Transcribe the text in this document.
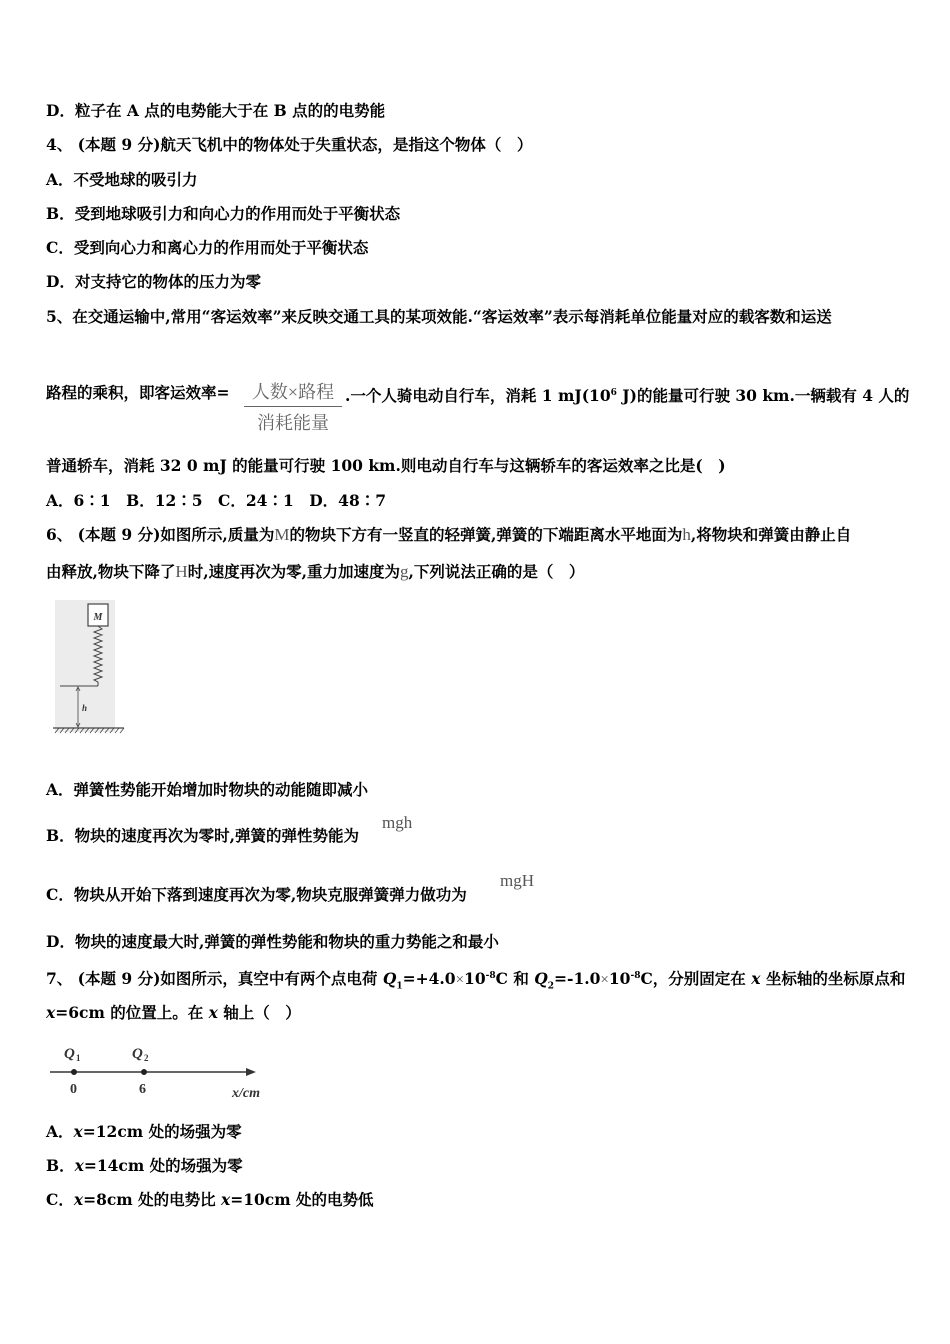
D．粒子在 A 点的电势能大于在 B 点的的电势能
4、 (本题 9 分)航天飞机中的物体处于失重状态，是指这个物体（　）
A．不受地球的吸引力
B．受到地球吸引力和向心力的作用而处于平衡状态
C．受到向心力和离心力的作用而处于平衡状态
D．对支持它的物体的压力为零
5、在交通运输中,常用“客运效率”来反映交通工具的某项效能.“客运效率”表示每消耗单位能量对应的载客数和运送
路程的乘积，即客运效率=	人数×路程
消耗能量
.一个人骑电动自行车，消耗 1 $mJ(10^6$ J)的能量可行驶 30 km.一辆载有 4 人的
普通轿车，消耗 32 0 mJ 的能量可行驶 100 km.则电动自行车与这辆轿车的客运效率之比是(　)
A．6∶1　B．12∶5　C．24∶1　D．48∶7
6、 (本题 9 分)如图所示,质量为M的物块下方有一竖直的轻弹簧,弹簧的下端距离水平地面为h,将物块和弹簧由静止自
由释放,物块下降了H时,速度再次为零,重力加速度为g,下列说法正确的是（　）
M
h
A．弹簧性势能开始增加时物块的动能随即减小
B．物块的速度再次为零时,弹簧的弹性势能为
mgh
C．物块从开始下落到速度再次为零,物块克服弹簧弹力做功为
mgH
D．物块的速度最大时,弹簧的弹性势能和物块的重力势能之和最小
7、 (本题 9 分)如图所示，真空中有两个点电荷 $Q_1=+4.0\times 10^{-8}C$ 和 $Q_2=-1.0\times 10^{-8}C$，分别固定在 x 坐标轴的坐标原点和
x=6cm 的位置上。在 x 轴上（　）
Q 1	Q 2
0	6	x/cm
A．x=12cm 处的场强为零
B．x=14cm 处的场强为零
C．x=8cm 处的电势比 x=10cm 处的电势低
